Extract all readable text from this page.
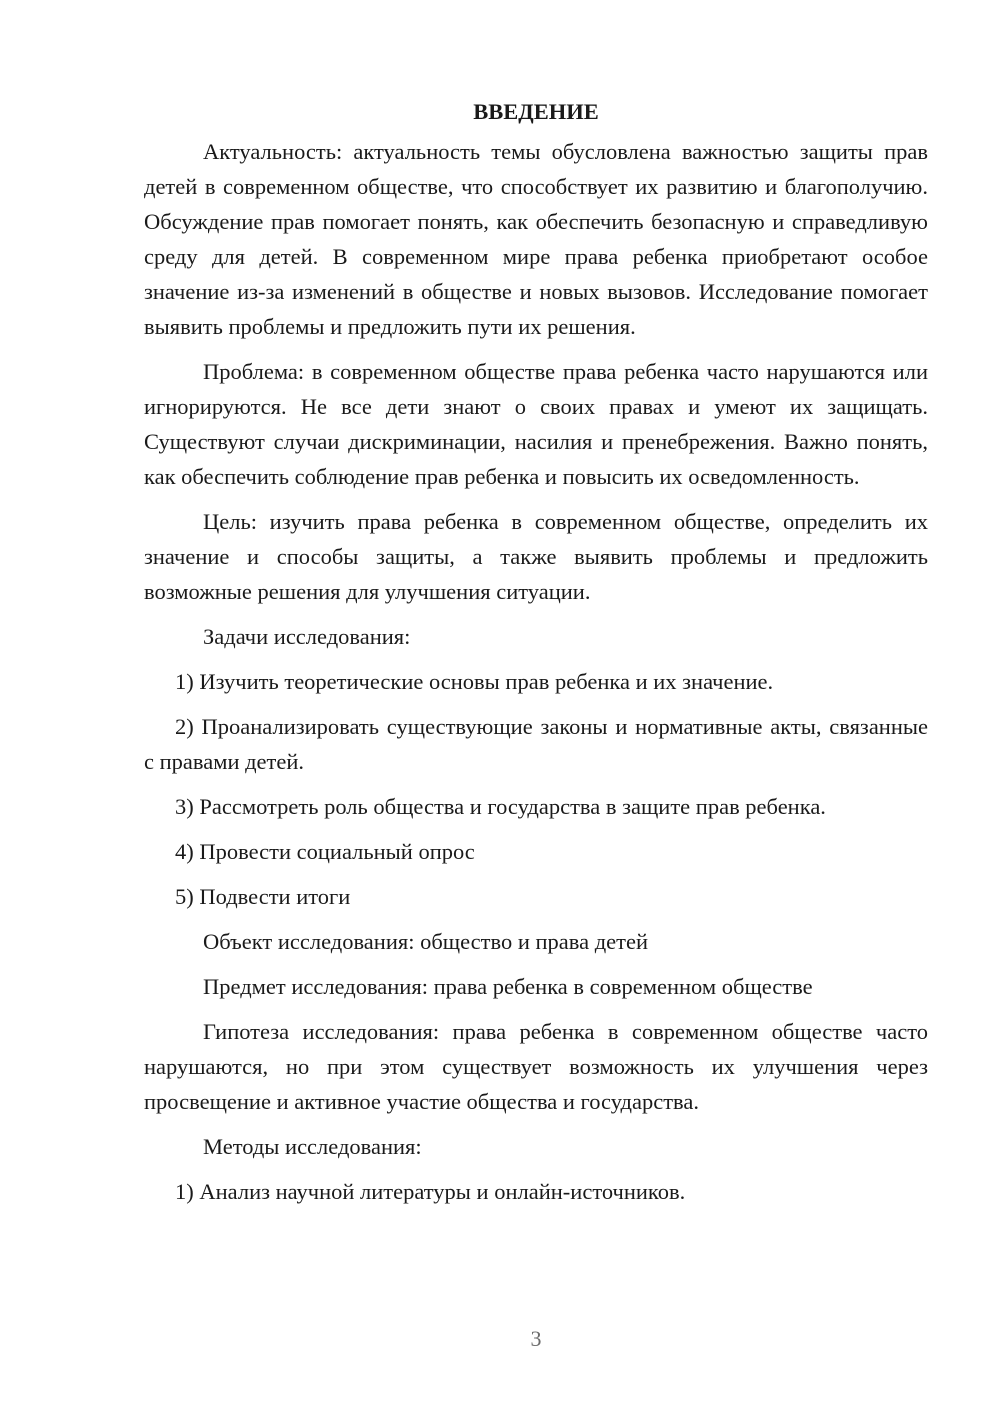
ВВЕДЕНИЕ

Актуальность: актуальность темы обусловлена важностью защиты прав детей в современном обществе, что способствует их развитию и благополучию. Обсуждение прав помогает понять, как обеспечить безопасную и справедливую среду для детей. В современном мире права ребенка приобретают особое значение из-за изменений в обществе и новых вызовов. Исследование помогает выявить проблемы и предложить пути их решения.

Проблема: в современном обществе права ребенка часто нарушаются или игнорируются. Не все дети знают о своих правах и умеют их защищать. Существуют случаи дискриминации, насилия и пренебрежения. Важно понять, как обеспечить соблюдение прав ребенка и повысить их осведомленность.

Цель: изучить права ребенка в современном обществе, определить их значение и способы защиты, а также выявить проблемы и предложить возможные решения для улучшения ситуации.

Задачи исследования:

1) Изучить теоретические основы прав ребенка и их значение.

2) Проанализировать существующие законы и нормативные акты, связанные с правами детей.

3) Рассмотреть роль общества и государства в защите прав ребенка.

4) Провести социальный опрос

5) Подвести итоги

Объект исследования: общество и права детей

Предмет исследования: права ребенка в современном обществе

Гипотеза исследования: права ребенка в современном обществе часто нарушаются, но при этом существует возможность их улучшения через просвещение и активное участие общества и государства.

Методы исследования:

1) Анализ научной литературы и онлайн-источников.

3
